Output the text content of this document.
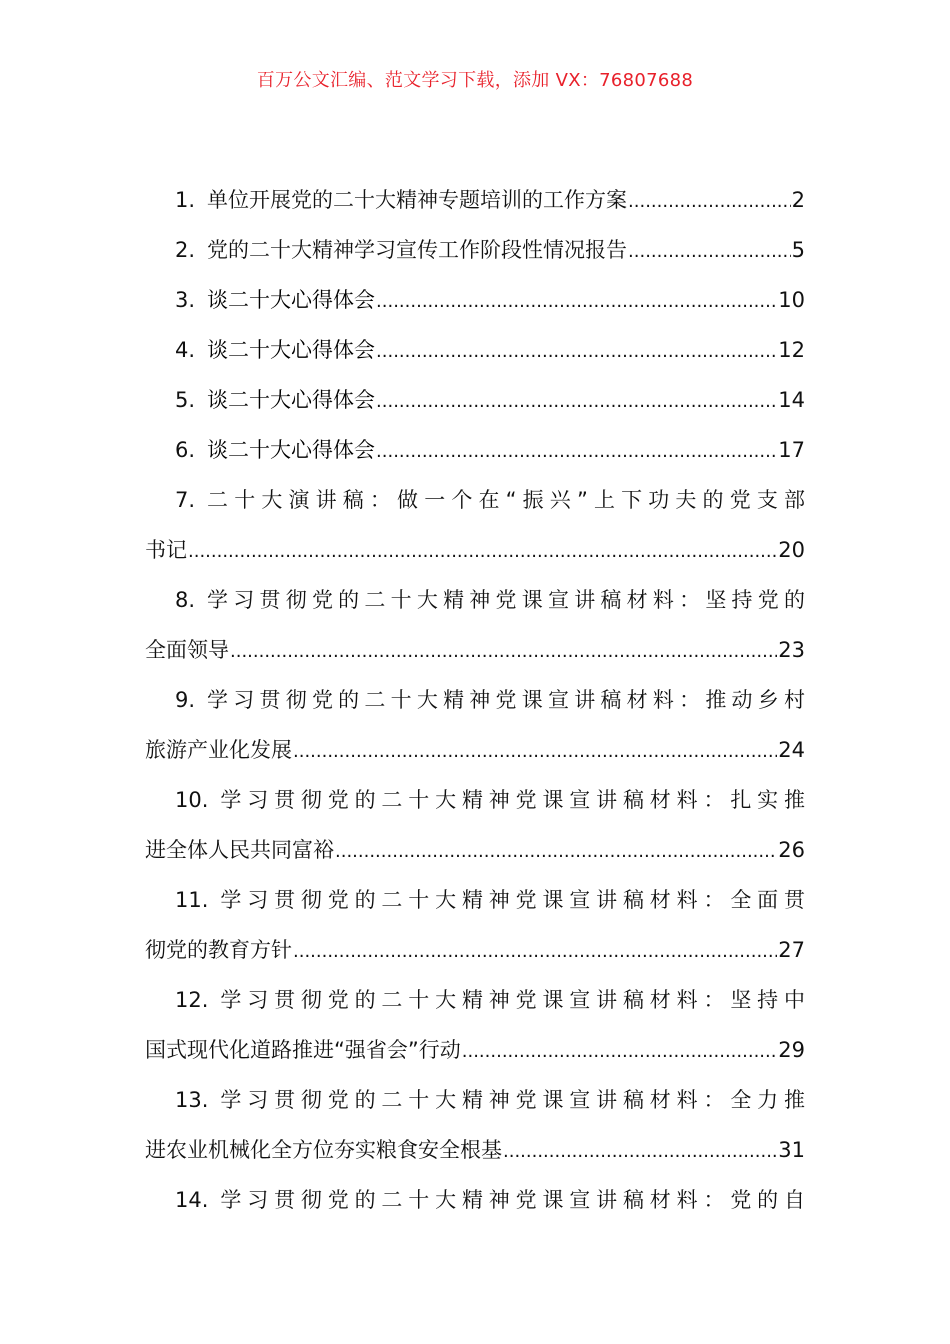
百万公文汇编、范文学习下载，添加 VX：76807688
1. 单位开展党的二十大精神专题培训的工作方案 .....	2
2. 党的二十大精神学习宣传工作阶段性情况报告 .....	5
3. 谈二十大心得体会 .....	10
4. 谈二十大心得体会 .....	12
5. 谈二十大心得体会 .....	14
6. 谈二十大心得体会 .....	17
7. 二十大演讲稿：做一个在“振兴”上下功夫的党支部
书记 .....	20
8. 学习贯彻党的二十大精神党课宣讲稿材料：坚持党的
全面领导 .....	23
9. 学习贯彻党的二十大精神党课宣讲稿材料：推动乡村
旅游产业化发展 .....	24
10. 学习贯彻党的二十大精神党课宣讲稿材料：扎实推
进全体人民共同富裕 .....	26
11. 学习贯彻党的二十大精神党课宣讲稿材料：全面贯
彻党的教育方针 .....	27
12. 学习贯彻党的二十大精神党课宣讲稿材料：坚持中
国式现代化道路推进“强省会”行动 .....	29
13. 学习贯彻党的二十大精神党课宣讲稿材料：全力推
进农业机械化全方位夯实粮食安全根基 .....	31
14. 学习贯彻党的二十大精神党课宣讲稿材料：党的自
